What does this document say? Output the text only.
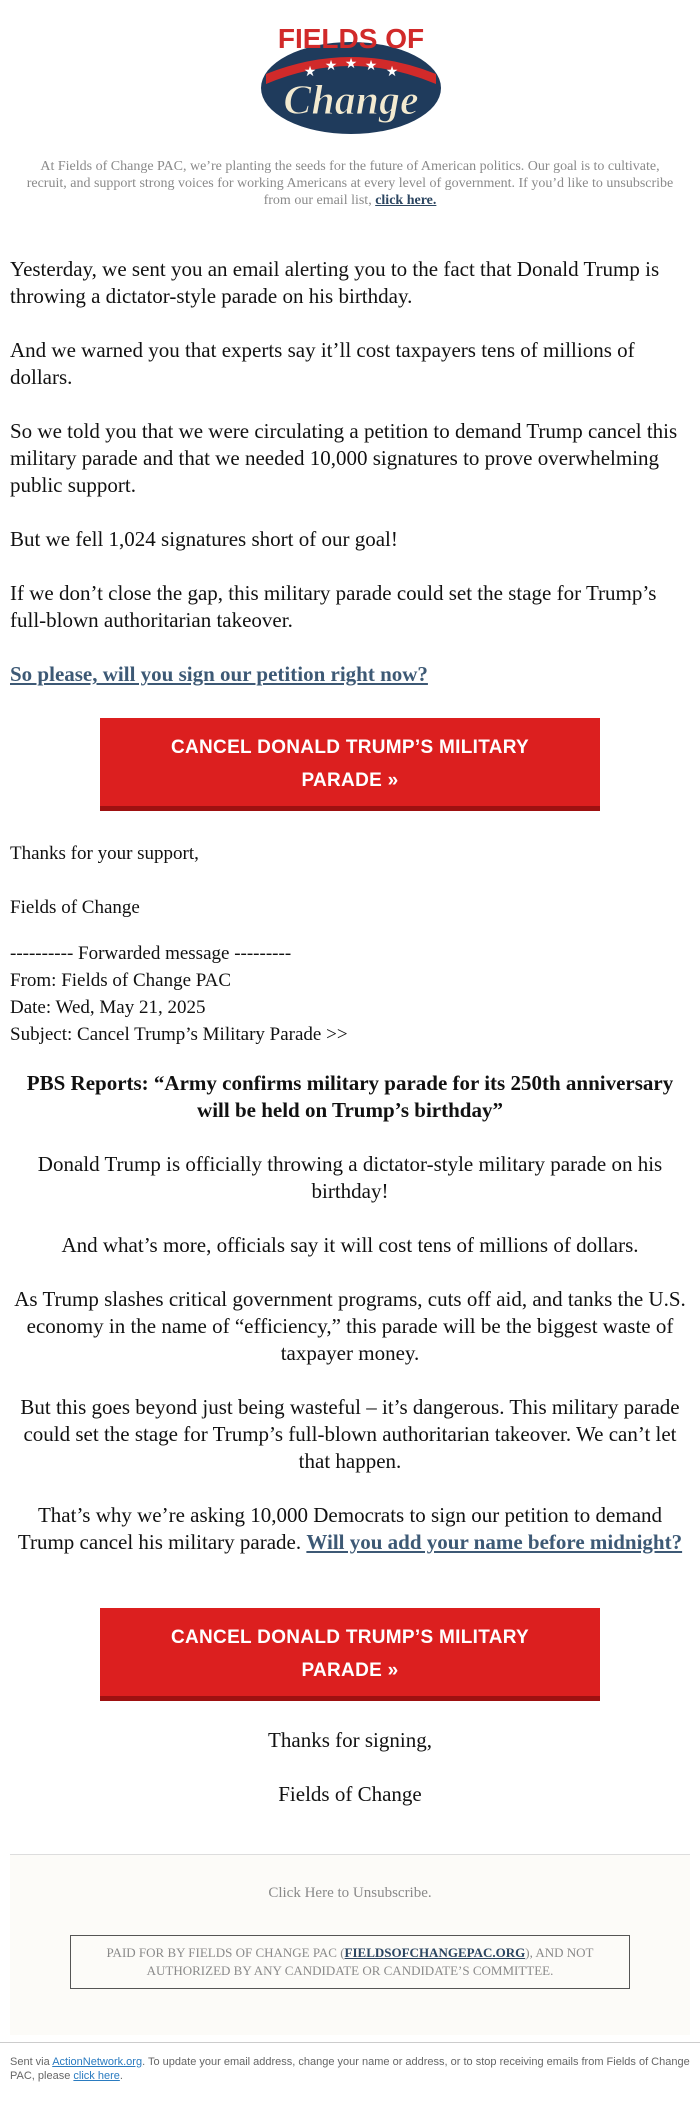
FIELDS OF
★ ★ ★ ★ ★
Change
At Fields of Change PAC, we’re planting the seeds for the future of American politics. Our goal is to cultivate, recruit, and support strong voices for working Americans at every level of government. If you’d like to unsubscribe from our email list, click here.

Yesterday, we sent you an email alerting you to the fact that Donald Trump is throwing a dictator-style parade on his birthday.

And we warned you that experts say it’ll cost taxpayers tens of millions of dollars.

So we told you that we were circulating a petition to demand Trump cancel this military parade and that we needed 10,000 signatures to prove overwhelming public support.

But we fell 1,024 signatures short of our goal!

If we don’t close the gap, this military parade could set the stage for Trump’s full-blown authoritarian takeover.

So please, will you sign our petition right now?

CANCEL DONALD TRUMP’S MILITARY
PARADE »

Thanks for your support,

Fields of Change

---------- Forwarded message ---------

From: Fields of Change PAC

Date: Wed, May 21, 2025

Subject: Cancel Trump’s Military Parade >>

PBS Reports: “Army confirms military parade for its 250th anniversary will be held on Trump’s birthday”

Donald Trump is officially throwing a dictator-style military parade on his birthday!

And what’s more, officials say it will cost tens of millions of dollars.

As Trump slashes critical government programs, cuts off aid, and tanks the U.S. economy in the name of “efficiency,” this parade will be the biggest waste of taxpayer money.

But this goes beyond just being wasteful – it’s dangerous. This military parade could set the stage for Trump’s full-blown authoritarian takeover. We can’t let that happen.

That’s why we’re asking 10,000 Democrats to sign our petition to demand Trump cancel his military parade. Will you add your name before midnight?

CANCEL DONALD TRUMP’S MILITARY
PARADE »

Thanks for signing,

Fields of Change

Click Here to Unsubscribe.
PAID FOR BY FIELDS OF CHANGE PAC (FIELDSOFCHANGEPAC.ORG), AND NOT AUTHORIZED BY ANY CANDIDATE OR CANDIDATE’S COMMITTEE.
Sent via ActionNetwork.org. To update your email address, change your name or address, or to stop receiving emails from Fields of Change PAC, please click here.
